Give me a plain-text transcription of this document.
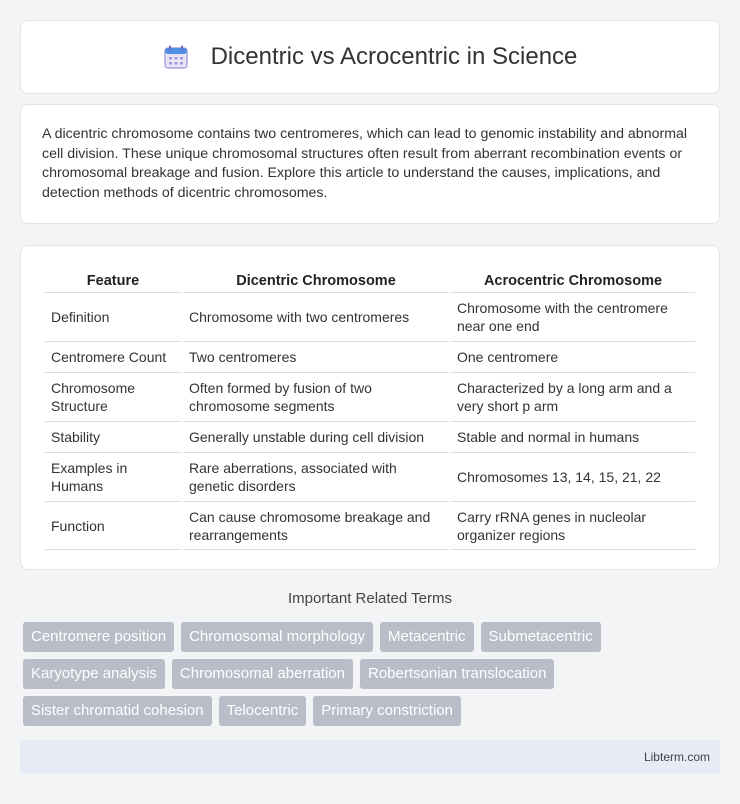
Dicentric vs Acrocentric in Science

A dicentric chromosome contains two centromeres, which can lead to genomic instability and abnormal cell division. These unique chromosomal structures often result from aberrant recombination events or chromosomal breakage and fusion. Explore this article to understand the causes, implications, and detection methods of dicentric chromosomes.

Feature	Dicentric Chromosome	Acrocentric Chromosome
Definition	Chromosome with two centromeres	Chromosome with the centromere near one end
Centromere Count	Two centromeres	One centromere
Chromosome Structure	Often formed by fusion of two chromosome segments	Characterized by a long arm and a very short p arm
Stability	Generally unstable during cell division	Stable and normal in humans
Examples in Humans	Rare aberrations, associated with genetic disorders	Chromosomes 13, 14, 15, 21, 22
Function	Can cause chromosome breakage and rearrangements	Carry rRNA genes in nucleolar organizer regions
Important Related Terms
Centromere position	Chromosomal morphology	Metacentric	Submetacentric
Karyotype analysis	Chromosomal aberration	Robertsonian translocation
Sister chromatid cohesion	Telocentric	Primary constriction
Libterm.com
